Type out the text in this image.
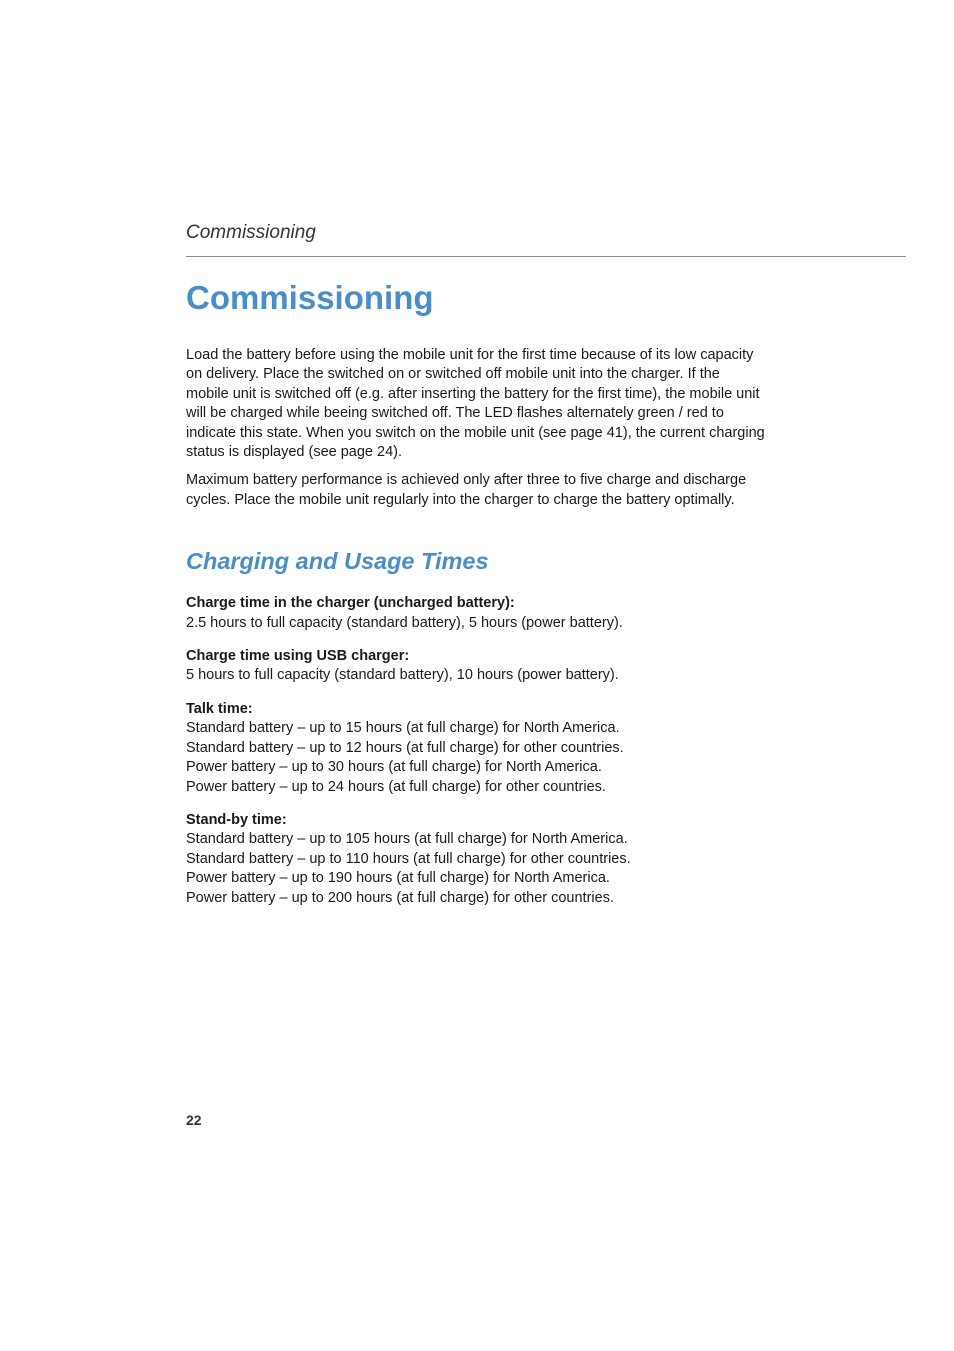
Commissioning
Commissioning

Load the battery before using the mobile unit for the first time because of its low capacity on delivery. Place the switched on or switched off mobile unit into the charger. If the mobile unit is switched off (e.g. after inserting the battery for the first time), the mobile unit will be charged while beeing switched off. The LED flashes alternately green / red to indicate this state. When you switch on the mobile unit (see page 41), the current charging status is displayed (see page 24).

Maximum battery performance is achieved only after three to five charge and discharge cycles. Place the mobile unit regularly into the charger to charge the battery optimally.

Charging and Usage Times
Charge time in the charger (uncharged battery):
2.5 hours to full capacity (standard battery), 5 hours (power battery).
Charge time using USB charger:
5 hours to full capacity (standard battery), 10 hours (power battery).
Talk time:
Standard battery – up to 15 hours (at full charge) for North America.
Standard battery – up to 12 hours (at full charge) for other countries.
Power battery – up to 30 hours (at full charge) for North America.
Power battery – up to 24 hours (at full charge) for other countries.
Stand-by time:
Standard battery – up to 105 hours (at full charge) for North America.
Standard battery – up to 110 hours (at full charge) for other countries.
Power battery – up to 190 hours (at full charge) for North America.
Power battery – up to 200 hours (at full charge) for other countries.
22
